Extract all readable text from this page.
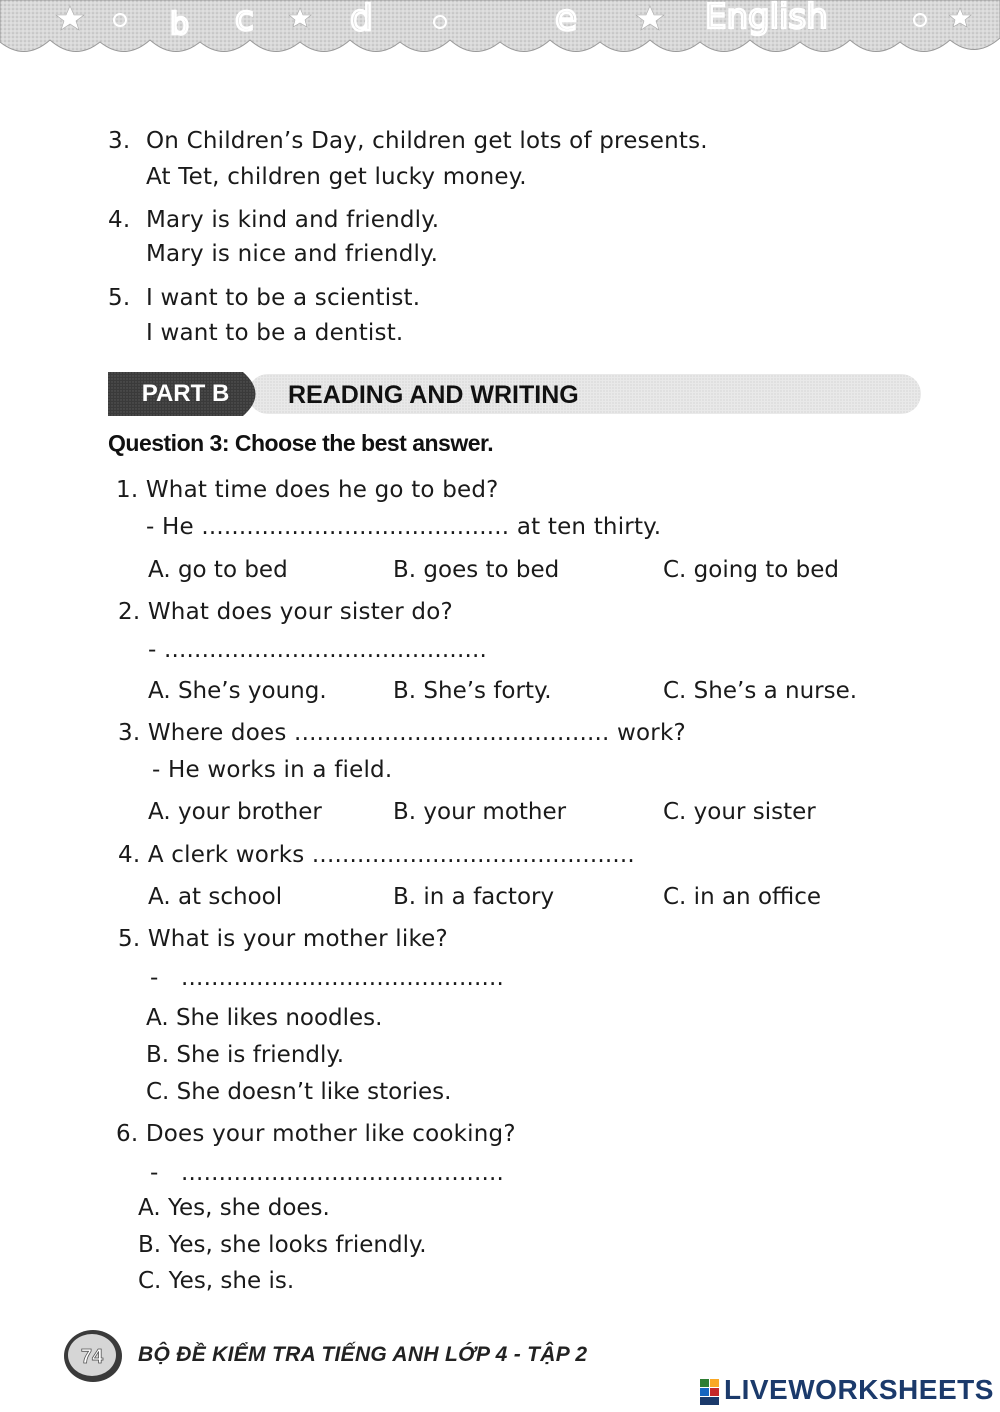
b c	d	e	English
3. On Children’s Day, children get lots of presents.
At Tet, children get lucky money.
4. Mary is kind and friendly.
Mary is nice and friendly.
5. I want to be a scientist.
I want to be a dentist.
PART B	READING AND WRITING
Question 3: Choose the best answer.
1. What time does he go to bed?
- He ......................................... at ten thirty.
A. go to bed	B. goes to bed	C. going to bed
2. What does your sister do?
- ...........................................
A. She’s young.	B. She’s forty.	C. She’s a nurse.
3. Where does .......................................... work?
- He works in a field.
A. your brother	B. your mother	C. your sister
4. A clerk works ...........................................
A. at school	B. in a factory	C. in an office
5. What is your mother like?
-   ...........................................
A. She likes noodles.
B. She is friendly.
C. She doesn’t like stories.
6. Does your mother like cooking?
-   ...........................................
A. Yes, she does.
B. Yes, she looks friendly.
C. Yes, she is.
74 BỘ ĐỀ KIỂM TRA TIẾNG ANH LỚP 4 - TẬP 2
LIVEWORKSHEETS
